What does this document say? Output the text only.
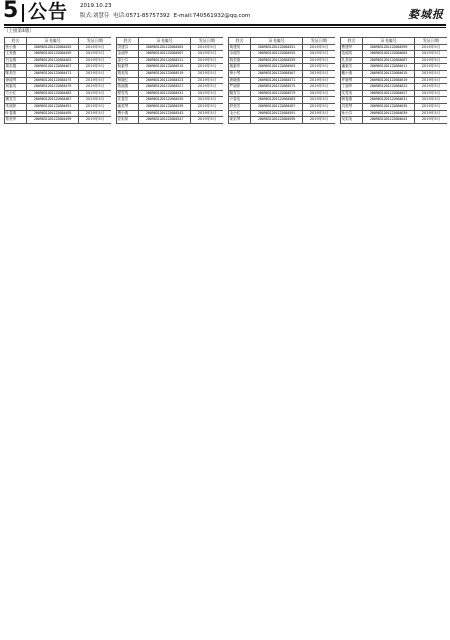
5 公告 2019.10.23
版式:刘慧芬 电话:0571-85757392 E-mail:740561932@qq.com	婺城报
（上接第4版）
姓名	证书编号	发证日期
张小燕	2009031201122684455	2019年5月
王美燕	2009031201122684459	2019年5月
吕金燕	2009031201122684463	2019年5月
周彩霞	2009031201122684467	2019年5月
陈美芳	2009031201122684471	2019年5月
徐丽琴	2009031201122684475	2019年5月
何素英	2009031201122684479	2019年5月
方小红	2009031201122684483	2019年5月
楼雪芳	2009031201122684487	2019年5月
朱丽萍	2009031201122684491	2019年5月
叶春燕	2009031201122684495	2019年5月
郑美华	2009031201122684499	2019年5月
姓名	证书编号	发证日期
洪建芬	2009031201122684503	2019年5月
金丽华	2009031201122684507	2019年5月
邵小芬	2009031201122684511	2019年5月
倪素琴	2009031201122684515	2019年5月
胡美英	2009031201122684519	2019年5月
杨晓红	2009031201122684523	2019年5月
蒋丽燕	2009031201122684527	2019年5月
程雪英	2009031201122684531	2019年5月
汪春芳	2009031201122684535	2019年5月
童美琴	2009031201122684539	2019年5月
傅小燕	2009031201122684543	2019年5月
应彩萍	2009031201122684547	2019年5月
姓名	证书编号	发证日期
黄建英	2009031201122684551	2019年5月
余丽芳	2009031201122684555	2019年5月
钱美燕	2009031201122684559	2019年5月
施素华	2009031201122684563	2019年5月
章小琴	2009031201122684567	2019年5月
唐晓燕	2009031201122684571	2019年5月
严丽萍	2009031201122684575	2019年5月
鲍雪芬	2009031201122684579	2019年5月
卢春英	2009031201122684583	2019年5月
舒美芳	2009031201122684587	2019年5月
毛小红	2009031201122684591	2019年5月
姜彩琴	2009031201122684595	2019年5月
姓名	证书编号	发证日期
曹建华	2009031201122684599	2019年5月
范丽英	2009031201122684603	2019年5月
孔美萍	2009031201122684607	2019年5月
潘素芳	2009031201122684611	2019年5月
戴小燕	2009031201122684615	2019年5月
许晓琴	2009031201122684619	2019年5月
丁丽华	2009031201122684623	2019年5月
沈雪英	2009031201122684627	2019年5月
韩春燕	2009031201122684631	2019年5月
冯美琴	2009031201122684635	2019年5月
孙小芬	2009031201122684639	2019年5月
吴彩英	2009031201122684643	2019年5月
